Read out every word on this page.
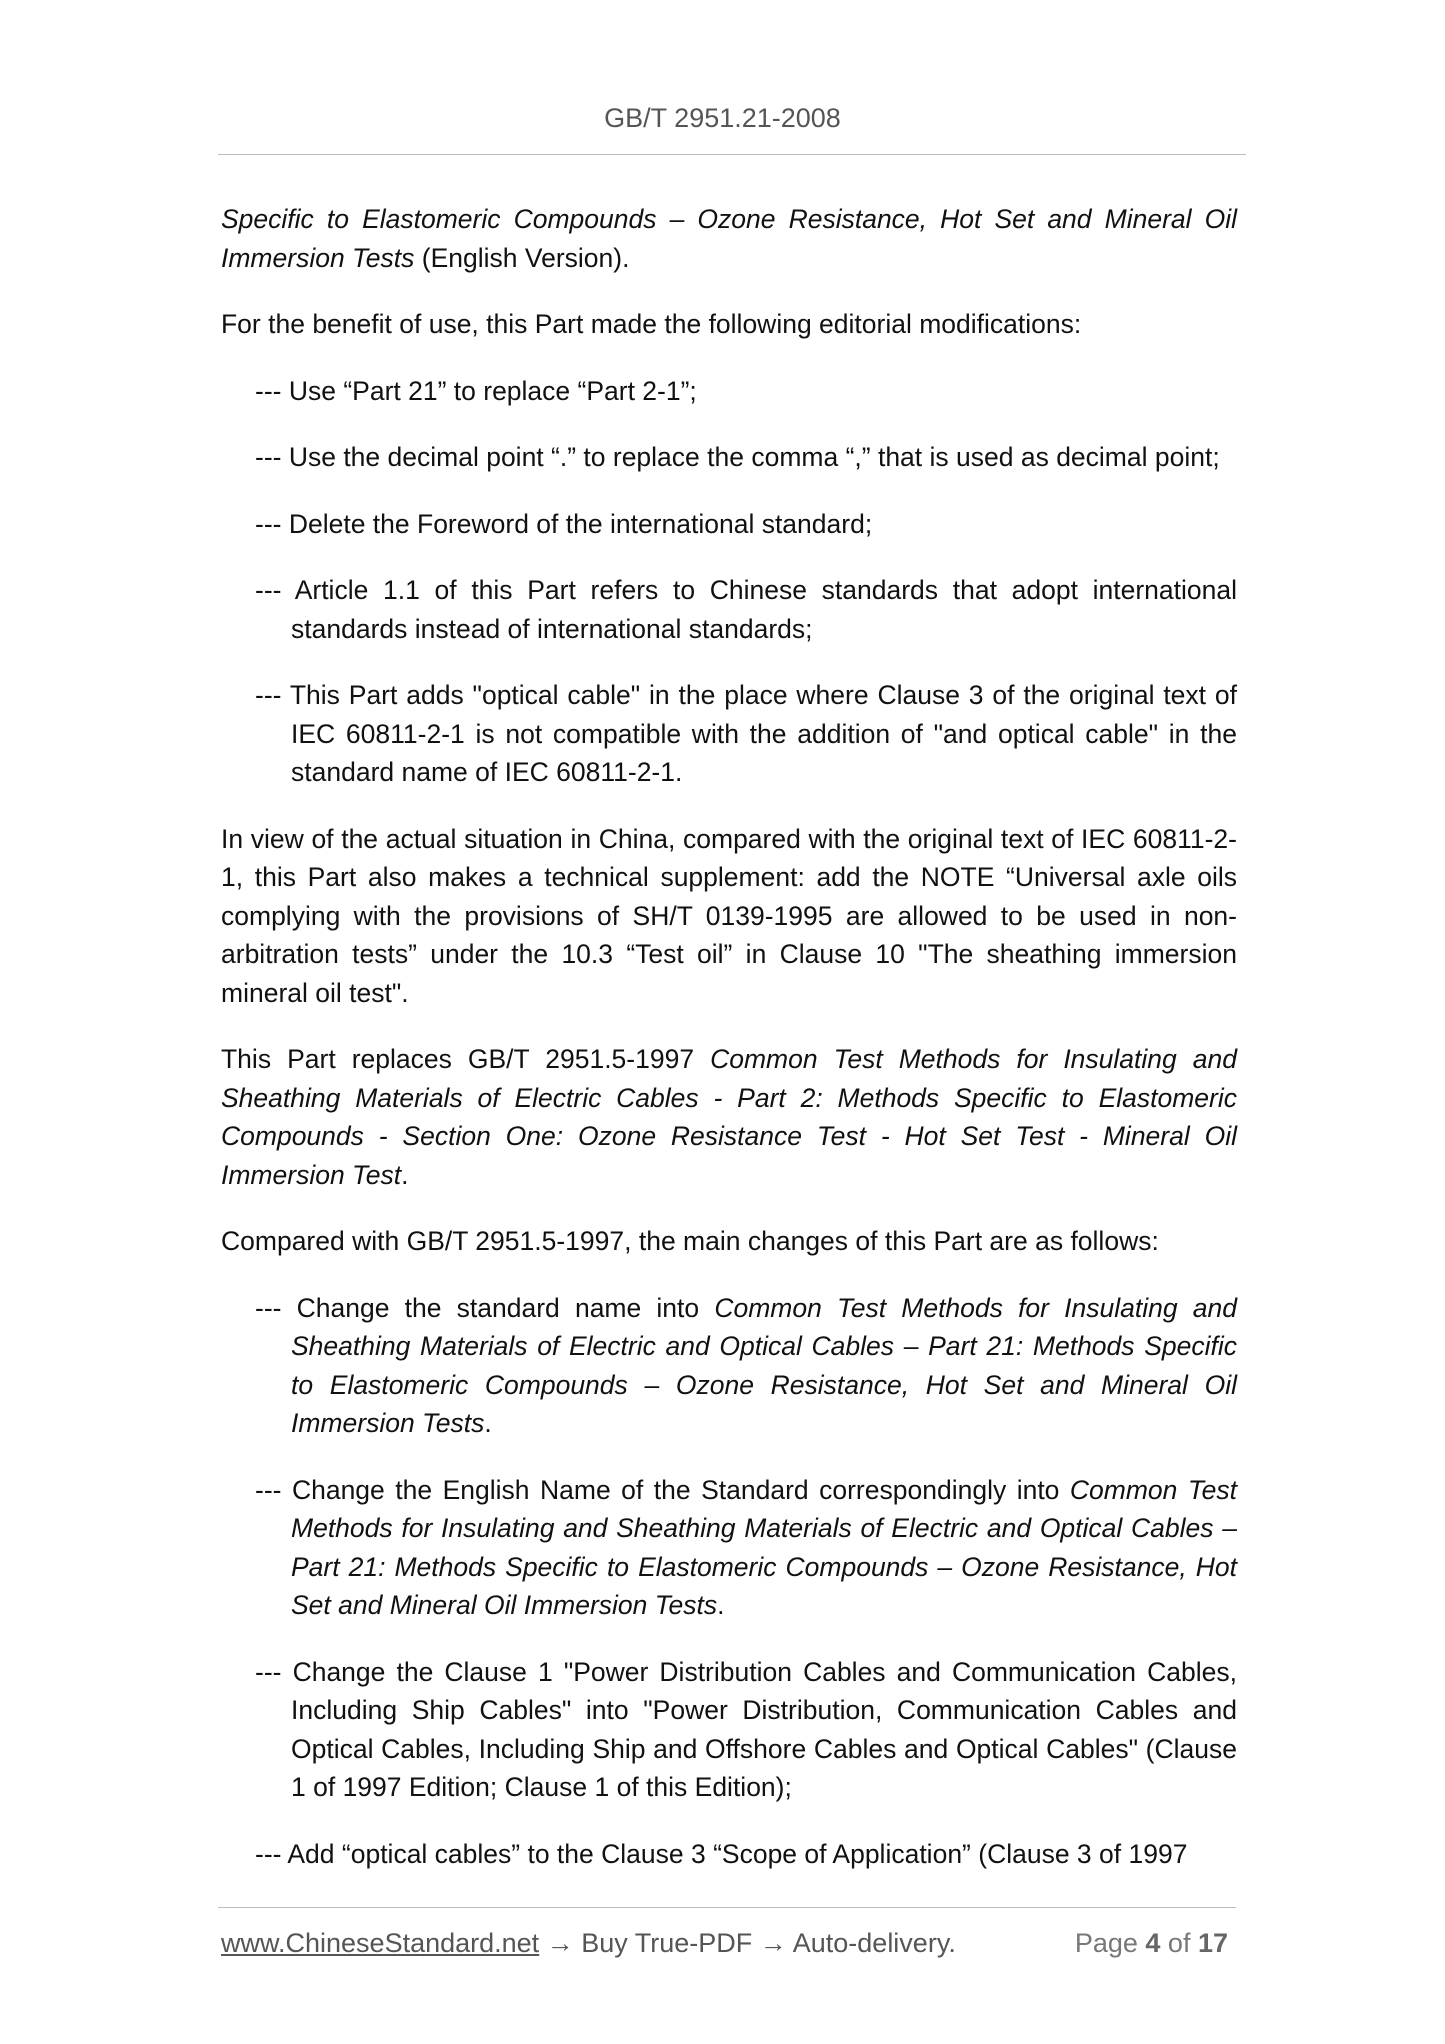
GB/T 2951.21-2008

Specific to Elastomeric Compounds – Ozone Resistance, Hot Set and Mineral Oil Immersion Tests (English Version).

For the benefit of use, this Part made the following editorial modifications:

--- Use “Part 21” to replace “Part 2-1”;

--- Use the decimal point “.” to replace the comma “,” that is used as decimal point;

--- Delete the Foreword of the international standard;

--- Article 1.1 of this Part refers to Chinese standards that adopt international standards instead of international standards;

--- This Part adds "optical cable" in the place where Clause 3 of the original text of IEC 60811-2-1 is not compatible with the addition of "and optical cable" in the standard name of IEC 60811-2-1.

In view of the actual situation in China, compared with the original text of IEC 60811-2-1, this Part also makes a technical supplement: add the NOTE “Universal axle oils complying with the provisions of SH/T 0139-1995 are allowed to be used in non-arbitration tests” under the 10.3 “Test oil” in Clause 10 "The sheathing immersion mineral oil test".

This Part replaces GB/T 2951.5-1997 Common Test Methods for Insulating and Sheathing Materials of Electric Cables - Part 2: Methods Specific to Elastomeric Compounds - Section One: Ozone Resistance Test - Hot Set Test - Mineral Oil Immersion Test.

Compared with GB/T 2951.5-1997, the main changes of this Part are as follows:

--- Change the standard name into Common Test Methods for Insulating and Sheathing Materials of Electric and Optical Cables – Part 21: Methods Specific to Elastomeric Compounds – Ozone Resistance, Hot Set and Mineral Oil Immersion Tests.

--- Change the English Name of the Standard correspondingly into Common Test Methods for Insulating and Sheathing Materials of Electric and Optical Cables – Part 21: Methods Specific to Elastomeric Compounds – Ozone Resistance, Hot Set and Mineral Oil Immersion Tests.

--- Change the Clause 1 "Power Distribution Cables and Communication Cables, Including Ship Cables" into "Power Distribution, Communication Cables and Optical Cables, Including Ship and Offshore Cables and Optical Cables" (Clause 1 of 1997 Edition; Clause 1 of this Edition);

--- Add “optical cables” to the Clause 3 “Scope of Application” (Clause 3 of 1997

www.ChineseStandard.net → Buy True-PDF → Auto-delivery.	Page 4 of 17
